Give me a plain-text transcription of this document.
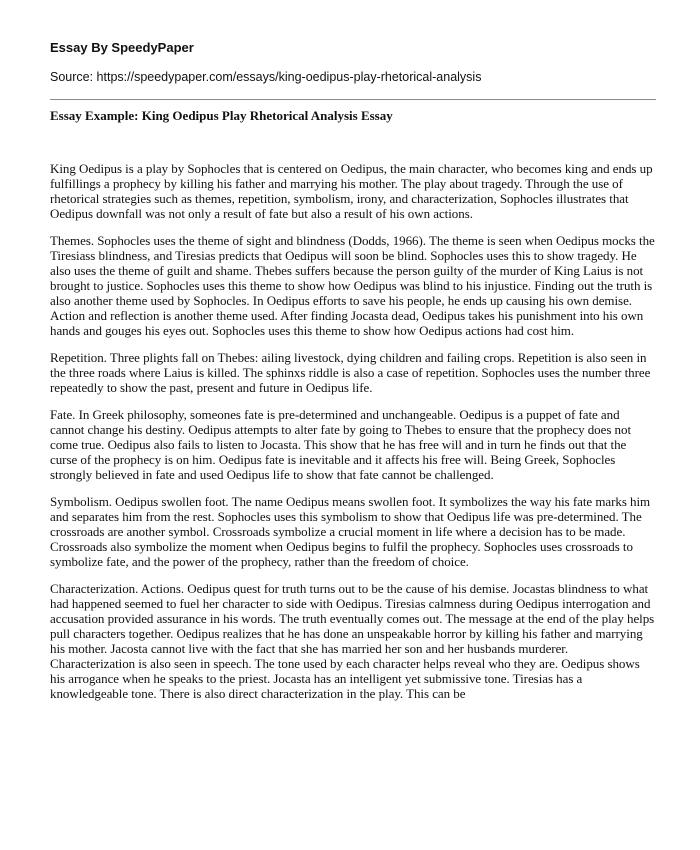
Essay By SpeedyPaper
Source: https://speedypaper.com/essays/king-oedipus-play-rhetorical-analysis
Essay Example: King Oedipus Play Rhetorical Analysis Essay

King Oedipus is a play by Sophocles that is centered on Oedipus, the main character, who becomes king and ends up fulfillings a prophecy by killing his father and marrying his mother. The play about tragedy. Through the use of rhetorical strategies such as themes, repetition, symbolism, irony, and characterization, Sophocles illustrates that Oedipus downfall was not only a result of fate but also a result of his own actions.

Themes. Sophocles uses the theme of sight and blindness (Dodds, 1966). The theme is seen when Oedipus mocks the Tiresiass blindness, and Tiresias predicts that Oedipus will soon be blind. Sophocles uses this to show tragedy. He also uses the theme of guilt and shame. Thebes suffers because the person guilty of the murder of King Laius is not brought to justice. Sophocles uses this theme to show how Oedipus was blind to his injustice. Finding out the truth is also another theme used by Sophocles. In Oedipus efforts to save his people, he ends up causing his own demise. Action and reflection is another theme used. After finding Jocasta dead, Oedipus takes his punishment into his own hands and gouges his eyes out. Sophocles uses this theme to show how Oedipus actions had cost him.

Repetition. Three plights fall on Thebes: ailing livestock, dying children and failing crops. Repetition is also seen in the three roads where Laius is killed. The sphinxs riddle is also a case of repetition. Sophocles uses the number three repeatedly to show the past, present and future in Oedipus life.

Fate. In Greek philosophy, someones fate is pre-determined and unchangeable. Oedipus is a puppet of fate and cannot change his destiny. Oedipus attempts to alter fate by going to Thebes to ensure that the prophecy does not come true. Oedipus also fails to listen to Jocasta. This show that he has free will and in turn he finds out that the curse of the prophecy is on him. Oedipus fate is inevitable and it affects his free will. Being Greek, Sophocles strongly believed in fate and used Oedipus life to show that fate cannot be challenged.

Symbolism. Oedipus swollen foot. The name Oedipus means swollen foot. It symbolizes the way his fate marks him and separates him from the rest. Sophocles uses this symbolism to show that Oedipus life was pre-determined. The crossroads are another symbol. Crossroads symbolize a crucial moment in life where a decision has to be made. Crossroads also symbolize the moment when Oedipus begins to fulfil the prophecy. Sophocles uses crossroads to symbolize fate, and the power of the prophecy, rather than the freedom of choice.

Characterization. Actions. Oedipus quest for truth turns out to be the cause of his demise. Jocastas blindness to what had happened seemed to fuel her character to side with Oedipus. Tiresias calmness during Oedipus interrogation and accusation provided assurance in his words. The truth eventually comes out. The message at the end of the play helps pull characters together. Oedipus realizes that he has done an unspeakable horror by killing his father and marrying his mother. Jacosta cannot live with the fact that she has married her son and her husbands murderer. Characterization is also seen in speech. The tone used by each character helps reveal who they are. Oedipus shows his arrogance when he speaks to the priest. Jocasta has an intelligent yet submissive tone. Tiresias has a knowledgeable tone. There is also direct characterization in the play. This can be
